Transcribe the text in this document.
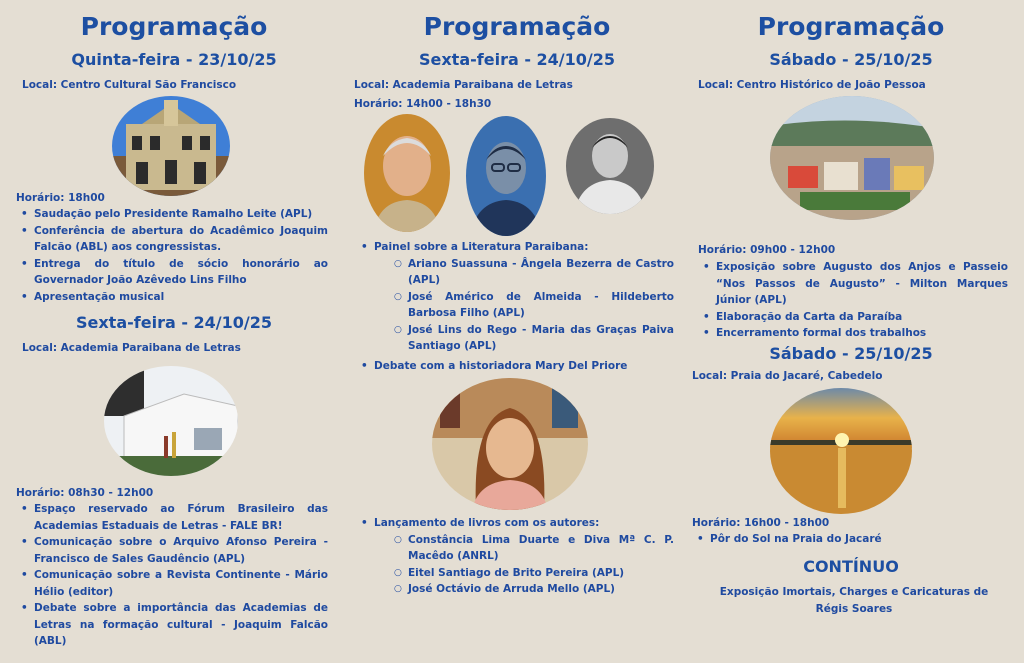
Programação
Quinta-feira - 23/10/25
Local: Centro Cultural São Francisco
Horário: 18h00
• Saudação pelo Presidente Ramalho Leite (APL)
• Conferência de abertura do Acadêmico Joaquim Falcão (ABL) aos congressistas.
• Entrega do título de sócio honorário ao Governador João Azêvedo Lins Filho
• Apresentação musical
Sexta-feira - 24/10/25
Local: Academia Paraibana de Letras
Horário: 08h30 - 12h00
• Espaço reservado ao Fórum Brasileiro das Academias Estaduais de Letras - FALE BR!
• Comunicação sobre o Arquivo Afonso Pereira - Francisco de Sales Gaudêncio (APL)
• Comunicação sobre a Revista Continente - Mário Hélio (editor)
• Debate sobre a importância das Academias de Letras na formação cultural - Joaquim Falcão (ABL)
Programação
Sexta-feira - 24/10/25
Local: Academia Paraibana de Letras
Horário: 14h00 - 18h30
• Painel sobre a Literatura Paraibana:
○ Ariano Suassuna - Ângela Bezerra de Castro (APL)
○ José Américo de Almeida - Hildeberto Barbosa Filho (APL)
○ José Lins do Rego - Maria das Graças Paiva Santiago (APL)
• Debate com a historiadora Mary Del Priore
• Lançamento de livros com os autores:
○ Constância Lima Duarte e Diva Mª C. P. Macêdo (ANRL)
○ Eitel Santiago de Brito Pereira (APL)
○ José Octávio de Arruda Mello (APL)
Programação
Sábado - 25/10/25
Local: Centro Histórico de João Pessoa
Horário: 09h00 - 12h00
• Exposição sobre Augusto dos Anjos e Passeio “Nos Passos de Augusto” - Milton Marques Júnior (APL)
• Elaboração da Carta da Paraíba
• Encerramento formal dos trabalhos
Sábado - 25/10/25
Local: Praia do Jacaré, Cabedelo
Horário: 16h00 - 18h00
• Pôr do Sol na Praia do Jacaré
CONTÍNUO
Exposição Imortais, Charges e Caricaturas de Régis Soares
